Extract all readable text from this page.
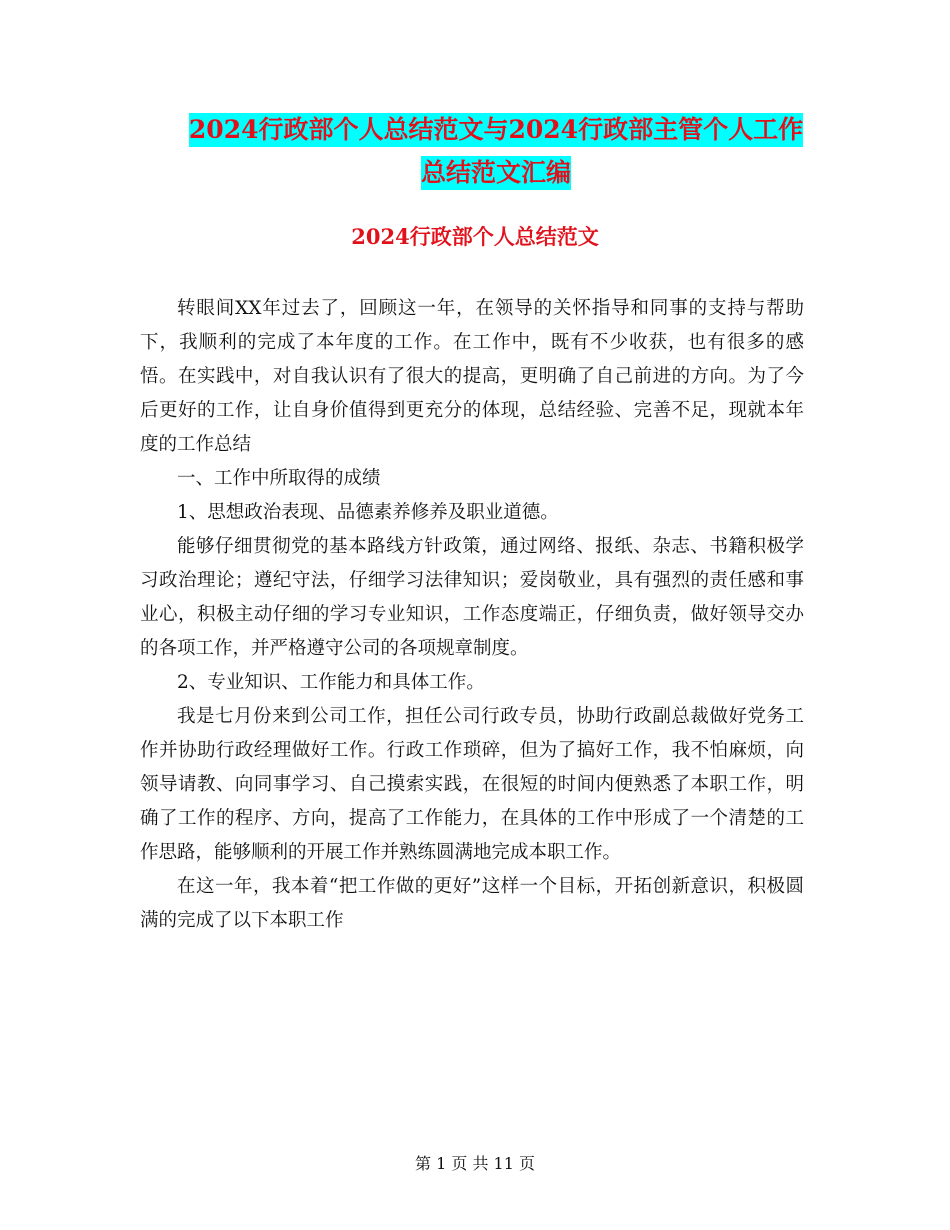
2024行政部个人总结范文与2024行政部主管个人工作
总结范文汇编
2024行政部个人总结范文

转眼间XX年过去了，回顾这一年，在领导的关怀指导和同事的支持与帮助下，我顺利的完成了本年度的工作。在工作中，既有不少收获，也有很多的感悟。在实践中，对自我认识有了很大的提高，更明确了自己前进的方向。为了今后更好的工作，让自身价值得到更充分的体现，总结经验、完善不足，现就本年度的工作总结

一、工作中所取得的成绩

1、思想政治表现、品德素养修养及职业道德。

能够仔细贯彻党的基本路线方针政策，通过网络、报纸、杂志、书籍积极学习政治理论；遵纪守法，仔细学习法律知识；爱岗敬业，具有强烈的责任感和事业心，积极主动仔细的学习专业知识，工作态度端正，仔细负责，做好领导交办的各项工作，并严格遵守公司的各项规章制度。

2、专业知识、工作能力和具体工作。

我是七月份来到公司工作，担任公司行政专员，协助行政副总裁做好党务工作并协助行政经理做好工作。行政工作琐碎，但为了搞好工作，我不怕麻烦，向领导请教、向同事学习、自己摸索实践，在很短的时间内便熟悉了本职工作，明确了工作的程序、方向，提高了工作能力，在具体的工作中形成了一个清楚的工作思路，能够顺利的开展工作并熟练圆满地完成本职工作。

在这一年，我本着“把工作做的更好”这样一个目标，开拓创新意识，积极圆满的完成了以下本职工作

第 1 页 共 11 页
